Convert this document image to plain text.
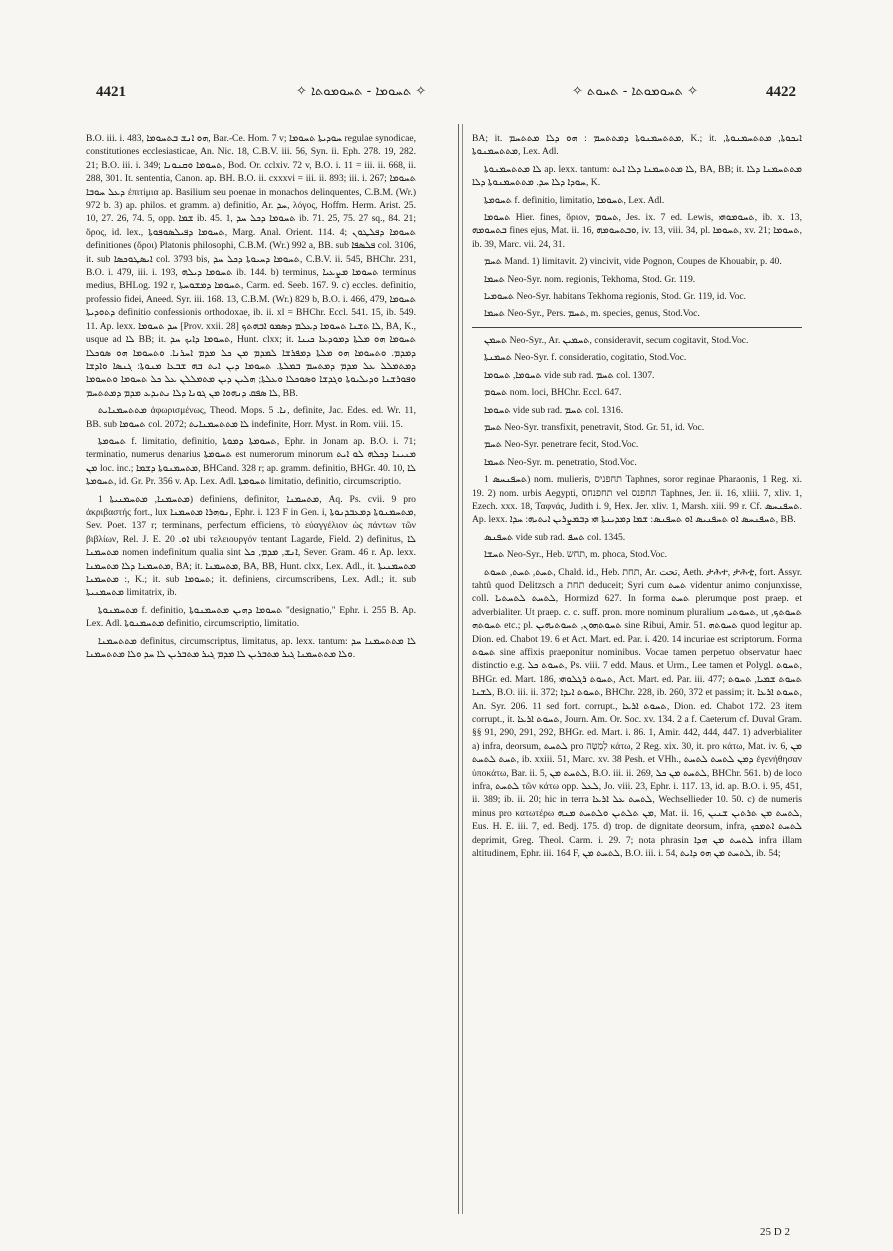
4421	✧ ܬܚܘܡܐ - ܬܚܘܡܘܬܐ ✧	✧ ܬܚܘܡܘܬܐ - ܬܚܘܬ ✧	4422

B.O. iii. i. 483, ܗܘ ܐܢܫ ܒܬܚܘܡܐ, Bar.-Ce. Hom. 7 v; ܚܘܕܝܬܐ ܬܚܘܡܐ regulae synodicae, constitutiones ecclesiasticae, An. Nic. 18, C.B.V. iii. 56, Syn. ii. Eph. 278. 19, 282. 21; B.O. iii. i. 349; ܬܚܘܡܐ ܘܩܢܘܢܐ, Bod. Or. cclxiv. 72 v, B.O. i. 11 = iii. ii. 668, ii. 288, 301. It. sententia, Canon. ap. BH. B.O. ii. cxxxvi = iii. ii. 893; iii. i. 267; ܬܚܘܡܐ ܕܥܠ ܚܘܒܐ ἐπιτίμια ap. Basilium seu poenae in monachos delinquentes, C.B.M. (Wr.) 972 b. 3) ap. philos. et gramm. a) definitio, Ar. ܚܕ, λόγος, Hoffm. Herm. Arist. 25. 10, 27. 26, 74. 5, opp. ܫܡܐ ib. 45. 1, ܬܚܘܡܐ ܕܟܠ ܚܕ ib. 71. 25, 75. 27 sq., 84. 21; ὅρος, id. lex., ܬܚܘܡܐ ܕܦܝܠܣܘܦܘܬܐ, Marg. Anal. Orient. 114. 4; ܬܚܘܡܐ ܕܦܠܛܘܢ definitiones (ὅροι) Platonis philosophi, C.B.M. (Wr.) 992 a, BB. sub ܦܠܣܦܐ col. 3106, it. sub ܐܝܣܛܘܟܣܐ col. 3793 bis, ܬܚܘܡܐ ܕܚܝܘܬܐ ܕܟܠ ܚܕ, C.B.V. ii. 545, BHChr. 231, B.O. i. 479, iii. i. 193, ܬܚܘܡܐ ܕܝܠܗ ib. 144. b) terminus, ܬܚܘܡܐ ܡܨܥܝܐ terminus medius, BHLog. 192 r, ܬܚܘܡܐ ܕܡܫܘܚܬܐ, Carm. ed. Seeb. 167. 9. c) eccles. definitio, professio fidei, Aneed. Syr. iii. 168. 13, C.B.M. (Wr.) 829 b, B.O. i. 466, 479, ܬܚܘܡܐ ܕܬܘܕܝܬܐ definitio confessionis orthodoxae, ib. ii. xl = BHChr. Eccl. 541. 15, ib. 549. 11. Ap. lexx. ܚܕ ܬܚܘܡܐ [Prov. xxii. 28] ܠܐ ܬܫܢܐ ܬܚܘܡܐ ܕܥܠܡ ܕܣܡܘ ܐܒܗܬܟ, BA, K., usque ad ܠܐ BB; it. ܬܚܘܡܐ ܕܐܝܟ ܚܕ, Hunt. clxx; it. ܬܚܘܡܐ ܗܘ ܡܠܬܐ ܕܡܘܕܥܐ ܟܝܢܐ ܕܡܕܡ. ܘܬܚܘܡܐ ܗܘ ܡܠܬܐ ܕܡܦܪܫܐ ܠܡܕܡ ܡܢ ܟܠ ܡܕܡ ܐܚܪܢܐ. ܘܬܚܘܡܐ ܗܘ ܣܘܟܠܐ ܕܡܬܡܠܠ ܥܠ ܡܕܡ ܕܡܬܚܡ ܒܡܠܬܐ. ܬܚܘܡܐ ܕܝܢ ܐܝܬ ܒܗ ܫܒܥܐ ܡܢܘܬܐ: ܓܢܣܐ ܘܐܕܫܐ ܘܦܘܪܫܢܐ ܘܕܝܠܝܘܬܐ ܘܓܕܫܐ ܘܣܘܟܠܐ ܘܥܠܬܐ; ܗܠܝܢ ܕܝܢ ܡܬܡܠܠܢ ܥܠ ܟܠ ܬܚܘܡܐ ܘܬܚܘܡܐ ܠܐ ܣܦܩ ܕܢܗܘܐ ܡܢ ܓܘܢܐ ܕܠܐ ܢܬܝܕܥ ܡܕܡ ܕܡܬܬܚܡ, BB.

ܡܬܬܚܡܢܐܝܬ ἀφωρισμένως, Theod. Mops. ܢܐ. 5, definite, Jac. Edes. ed. Wr. 11, BB. sub ܬܚܘܡܐ col. 2072; ܠܐ ܡܬܬܚܡܢܐܝܬ indefinite, Horr. Myst. in Rom. viii. 15.

ܬܚܘܡܬܐ f. limitatio, definitio, ܬܚܘܡܬܐ ܕܡܘܬܐ, Ephr. in Jonam ap. B.O. i. 71; terminatio, numerus denarius ܬܚܘܡܬܐ est numerorum minorum ܡܢܝܢܐ ܕܟܠܗ ܠܘ ܐܝܬ ܡܢ loc. inc.; ܡܬܚܡܢܘܬܐ ܕܫܡܐ, BHCand. 328 r; ap. gramm. definitio, BHGr. 40. 10, ܠܐ ܬܚܘܡܬܐ, id. Gr. Pr. 356 v. Ap. Lex. Adl. ܬܚܘܡܬܐ limitatio, definitio, circumscriptio.

ܡܬܚܡܢܐ, ܡܬܚܡܢܝܬܐ 1) definiens, definitor, ܡܬܚܡܢܐ, Aq. Ps. cvii. 9 pro ἀκριβαστής fort., lux ܢܘܗܪܐ ܡܬܚܡܢܐ, Ephr. i. 123 F in Gen. i, ܡܬܚܡܢܘܬܐ ܕܡܥܒܕܢܘܬܐ, Sev. Poet. 137 r; terminans, perfectum efficiens, τὸ εὐαγγέλιον ὡς πάντων τῶν βιβλίων, Rel. J. E. ܐܘ. 20 ubi τελειουργόν tentant Lagarde, Field. 2) definitus, ܠܐ ܡܬܚܡܢܐ nomen indefinitum qualia sint ܐܢܫ, ܡܕܡ, ܟܠ, Sever. Gram. 46 r. Ap. lexx. ܡܬܚܡܢܐ ܕܠܐ ܡܬܚܡܢܐ, BA; it. ܡܬܚܡܢܐ, BA, BB, Hunt. clxx, Lex. Adl., it. ܡܬܚܡܢܝܬܐ : ܡܬܚܡܢܐ, K.; it. sub ܬܚܘܡܐ; it. definiens, circumscribens, Lex. Adl.; it. sub ܡܬܚܡܢܝܬܐ limitatrix, ib.

ܡܬܚܡܢܘܬܐ f. definitio, ܬܚܘܡܐ ܕܗܝܢ ܡܬܚܡܢܘܬܐ "designatio," Ephr. i. 255 B. Ap. Lex. Adl. ܡܬܚܡܢܘܬܐ definitio, circumscriptio, limitatio.

ܡܬܬܚܡܢܐ definitus, circumscriptus, limitatus, ap. lexx. tantum: ܠܐ ܡܬܬܚܡܢܐ ܚܕ ܘܠܐ ܡܬܬܚܡܢܐ ܓܝܪ ܡܬܒܪܝܢ ܠܐ ܡܕܡ ܓܝܪ ܡܬܒܪܝܢ ܠܐ ܚܕ ܘܠܐ ܡܬܬܚܡܢܐ.

BA; it. ܡܬܬܚܡܢܘܬܐ ܕܡܬܬܚܡ : ܗܘ ܕܠܐ ܡܬܬܚܡ, K.; it. ܐܝܟܘܬܐ, ܡܬܬܚܡܢܘܬܐ, ܡܬܬܚܡܢܘܬܐ, Lex. Adl.

ܠܐ ܡܬܬܚܡܢܘܬܐ ap. lexx. tantum: ܠܐ ܡܬܬܚܡܢܐ ܕܠܐ ܐܝܬ, BA, BB; it. ܡܬܬܚܡܢܐ ܕܠܐ ܚܘܕܐ ܕܠܐ ܚܕ. ܡܬܬܚܡܢܘܬܐ ܕܠܐ, K.

ܬܚܘܡܬܐ f. definitio, limitatio, ܬܚܘܡܐ, Lex. Adl.

ܬܚܘܡܐ Hier. fines, ὅριον, ܬܚܘܡ, Jes. ix. 7 ed. Lewis, ܬܚܘܡܘܗܝ, ib. x. 13, ܒܬܚܘܡܗ fines ejus, Mat. ii. 16, ܘܒܬܚܘܡܗ, iv. 13, viii. 34, pl. ܬܚܘܡܐ, xv. 21; ܬܚܘܡܐ, ib. 39, Marc. vii. 24, 31.

ܬܚܡ Mand. 1) limitavit. 2) vincivit, vide Pognon, Coupes de Khouabir, p. 40.

ܬܚܡܐ Neo-Syr. nom. regionis, Tekhoma, Stod. Gr. 119.

ܬܚܘܡܝܐ Neo-Syr. habitans Tekhoma regionis, Stod. Gr. 119, id. Voc.

ܬܚܡܐ Neo-Syr., Pers. ܬܚܡ, m. species, genus, Stod.Voc.

ܬܚܡܢ Neo-Syr., Ar. ܬܚܡܝܢ, consideravit, secum cogitavit, Stod.Voc.

ܬܚܡܢܬܐ Neo-Syr. f. consideratio, cogitatio, Stod.Voc.

ܬܚܘܡܐ, ܬܚܘܡܐ vide sub rad. ܬܚܡ col. 1307.

ܬܚܘܡ nom. loci, BHChr. Eccl. 647.

ܬܚܘܡܐ vide sub rad. ܬܚܡ col. 1316.

ܬܚܡ Neo-Syr. transfixit, penetravit, Stod. Gr. 51, id. Voc.

ܬܚܡ Neo-Syr. penetrare fecit, Stod.Voc.

ܬܚܡܐ Neo-Syr. m. penetratio, Stod.Voc.

ܬܚܦܢܚܣ 1) nom. mulieris, תחפניס Taphnes, soror reginae Pharaonis, 1 Reg. xi. 19. 2) nom. urbis Aegypti, תחפנחס vel תחפנס Taphnes, Jer. ii. 16, xliii. 7, xliv. 1, Ezech. xxx. 18, Ταφνάς, Judith i. 9, Hex. Jer. xliv. 1, Marsh. xiii. 99 r. Cf. ܬܚܦܢܚܣ. Ap. lexx. ܬܚܦܢܚܣ ܐܘ ܬܚܦܢܝܣ ܐܘ ܬܚܦܢܣ: ܫܡܐ ܕܡܕܝܢܬܐ ܗܝ ܕܒܡܨܪܝܢ ܐܝܬܝܗ: ܚܕܐ, BB.

ܬܚܦܢܣ vide sub rad. ܬܚܦ col. 1345.

ܬܚܫܐ Neo-Syr., Heb. תחש, m. phoca, Stod.Voc.

ܬܚܬ, ܬܚܬ, ܬܚܘܬ, Chald. id., Heb. תחת, Ar. تحت, Aeth. ታሕተ, ታሕቲ, fort. Assyr. tahtû quod Delitzsch a תחת deduceit; Syri cum ܬܚܬ videntur animo conjunxisse, coll. ܠܬܚܬ ܠܬܚܬܝܐ, Hormizd 627. In forma ܬܚܬ plerumque post praep. et adverbialiter. Ut praep. c. c. suff. pron. more nominum pluralium ܬܚܘܬܝ, ut ܬܚܘܬܟ, ܬܚܘܬܗ etc.; pl. ܬܚܘܬܗܘܢ, ܬܚܘܬܝܗܝܢ sine Ribui, Amir. 51. ܬܚܘܬܗ quod legitur ap. Dion. ed. Chabot 19. 6 et Act. Mart. ed. Par. i. 420. 14 incuriae est scriptorum. Forma ܬܚܘܬ sine affixis praeponitur nominibus. Vocae tamen perpetuo observatur haec distinctio e.g. ܬܚܘܬ ܟܠ, Ps. viii. 7 edd. Maus. et Urm., Lee tamen et Polygl. ܬܚܘܬ, BHGr. ed. Mart. 186, ܬܚܘܬ ܪܓܠܘܗܝ, Act. Mart. ed. Par. iii. 477; ܬܚܘܬ ܫܡܝܐ, ܬܚܘܬ ܠܫܢܐ, B.O. iii. ii. 372; ܬܚܘܬ ܐܝܕܐ, BHChr. 228, ib. 260, 372 et passim; it. ܬܚܘܬ ܐܪܥܐ, An. Syr. 206. 11 sed fort. corrupt., ܬܚܘܬ ܐܪܥܐ, Dion. ed. Chabot 172. 23 item corrupt., it. ܬܚܘܬ ܐܪܥܐ, Journ. Am. Or. Soc. xv. 134. 2 a f. Caeterum cf. Duval Gram. §§ 91, 290, 291, 292, BHGr. ed. Mart. i. 86. 1, Amir. 442, 444, 447. 1) adverbialiter a) infra, deorsum, ܠܬܚܬ pro לְמַטָּה κάτω, 2 Reg. xix. 30, it. pro κάτω, Mat. iv. 6, ܡܢ ܬܚܬ ܠܬܚܬ, ib. xxiii. 51, Marc. xv. 38 Pesh. et VHh., ܕܡܢ ܠܬܚܬ ܠܬܚܬ ἐγενήθησαν ὑποκάτω, Bar. ii. 5, ܠܬܚܬ ܡܢ, B.O. iii. ii. 269, ܠܬܚܬ ܡܢ ܟܠ, BHChr. 561. b) de loco infra, ܠܬܚܬ τῶν κάτω opp. ܠܥܠ, Jo. viii. 23, Ephr. i. 117. 13, id. ap. B.O. i. 95, 451, ii. 389; ib. ii. 20; hic in terra ܠܬܚܬ ܥܠ ܐܪܥܐ, Wechsellieder 10. 50. c) de numeris minus pro κατωτέρω ܡܢ ܬܠܬܝܢ ܘܠܬܚܬ ܡܢܗ, Mat. ii. 16, ܠܬܚܬ ܡܢ ܬܪܬܝܢ ܫܢܝܢ, Eus. H. E. iii. 7, ed. Bedj. 175. d) trop. de dignitate deorsum, infra, ܠܬܚܬ ܐܬܡܟܟ deprimit, Greg. Theol. Carm. i. 29. 7; nota phrasin ܠܬܚܬ ܡܢ ܗܕܐ infra illam altitudinem, Ephr. iii. 164 F, ܠܬܚܬ ܡܢ, B.O. iii. i. 54, ܠܬܚܬ ܡܢ ܗܘ ܕܐܝܬ, ib. 54;

25 D 2
